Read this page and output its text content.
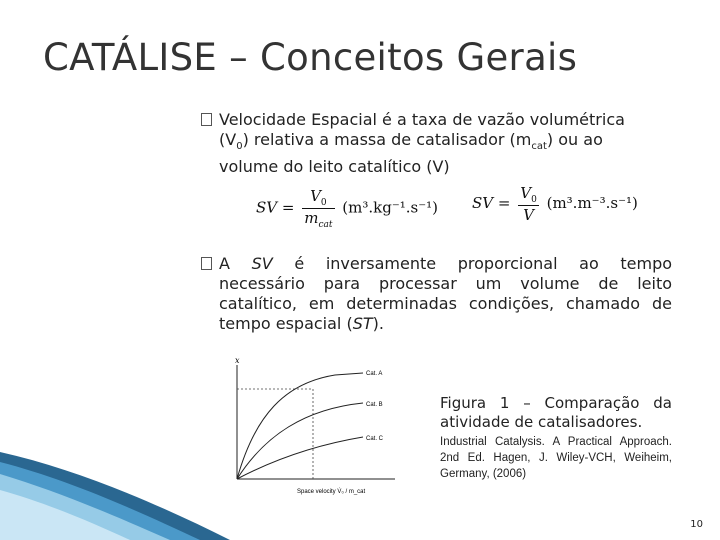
CATÁLISE – Conceitos Gerais
Velocidade Espacial é a taxa de vazão volumétrica
$(V_0)$ relativa a massa de catalisador $(m_{cat})$ ou ao
volume do leito catalítico (V)
SV = $\frac{V_0}{m_{cat}} (m^3.kg^{-1}.s^{-1})$ SV = $\frac{V_0}{V} (m^3.m^{-3}.s^{-1})$
A SV é inversamente proporcional ao tempo
necessário para processar um volume de leito
catalítico, em determinadas condições, chamado de
tempo espacial (ST).
x
Cat. A
Cat. B
Cat. C
Space velocity V̇₀ / m_cat
Figura 1 – Comparação da
atividade de catalisadores.
Industrial Catalysis. A Practical Approach.
2nd Ed. Hagen, J. Wiley-VCH, Weiheim,
Germany, (2006)
10
